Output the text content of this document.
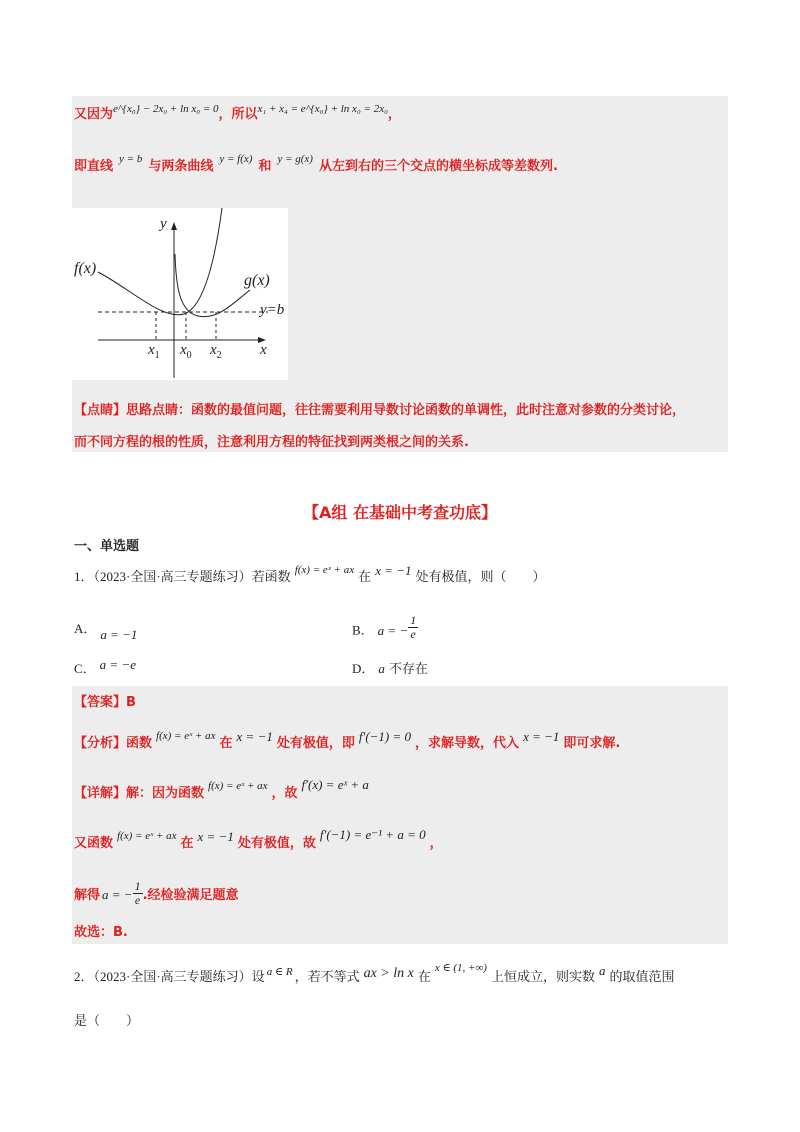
又因为$^{e\^{}\{x_0\} - 2x_0 + ln x_0 = 0}$，所以$^{x_1 + x_4 = e\^{}\{x_0\} + ln x_0 = 2x_0}$，
即直线 $^{y = b}$ 与两条曲线 $^{y = f(x)}$ 和 $^{y = g(x)}$ 从左到右的三个交点的横坐标成等差数列.
y
x
f(x)
g(x)
y=b
$x_1$ $x_0$ $x_2$
【点睛】思路点睛：函数的最值问题，往往需要利用导数讨论函数的单调性，此时注意对参数的分类讨论，
而不同方程的根的性质，注意利用方程的特征找到两类根之间的关系.
【A组 在基础中考查功底】
一、单选题
1．（2023·全国·高三专题练习）若函数 $^{f(x) = eˣ + ax}$ 在 x = −1 处有极值，则（　　）
A． a = −1	B． a = − $\frac{1}{e}$
C． a = −e	D． a 不存在
【答案】B
【分析】函数 $^{f(x) = eˣ + ax}$ 在 x = −1 处有极值，即 f′(−1) = 0 ，求解导数，代入 x = −1 即可求解.
【详解】解：因为函数 $^{f(x) = eˣ + ax}$ ，故f′(x) = eˣ + a
又函数 $^{f(x) = eˣ + ax}$ 在 x = −1 处有极值，故f′(−1) = e⁻¹ + a = 0，
解得 a = − $\frac{1}{e}$ .经检验满足题意
故选：B.
2．（2023·全国·高三专题练习）设 $^{a \in R}$ ，若不等式 ax > ln x 在$^{x \in (1, +\infty)}$上恒成立，则实数 a 的取值范围
是（　　）
